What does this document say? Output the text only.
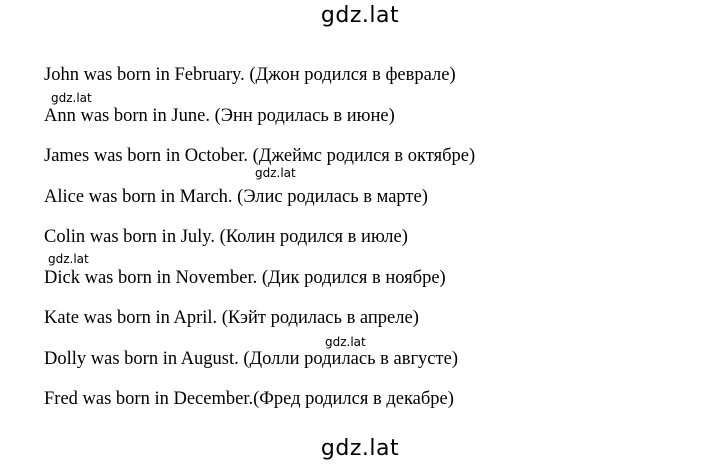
gdz.lat
John was born in February. (Джон родился в феврале)
Ann was born in June. (Энн родилась в июне)
James was born in October. (Джеймс родился в октябре)
Alice was born in March. (Элис родилась в марте)
Colin was born in July. (Колин родился в июле)
Dick was born in November. (Дик родился в ноябре)
Kate was born in April. (Кэйт родилась в апреле)
Dolly was born in August. (Долли родилась в августе)
Fred was born in December.(Фред родился в декабре)
gdz.lat
gdz.lat
gdz.lat
gdz.lat
gdz.lat
